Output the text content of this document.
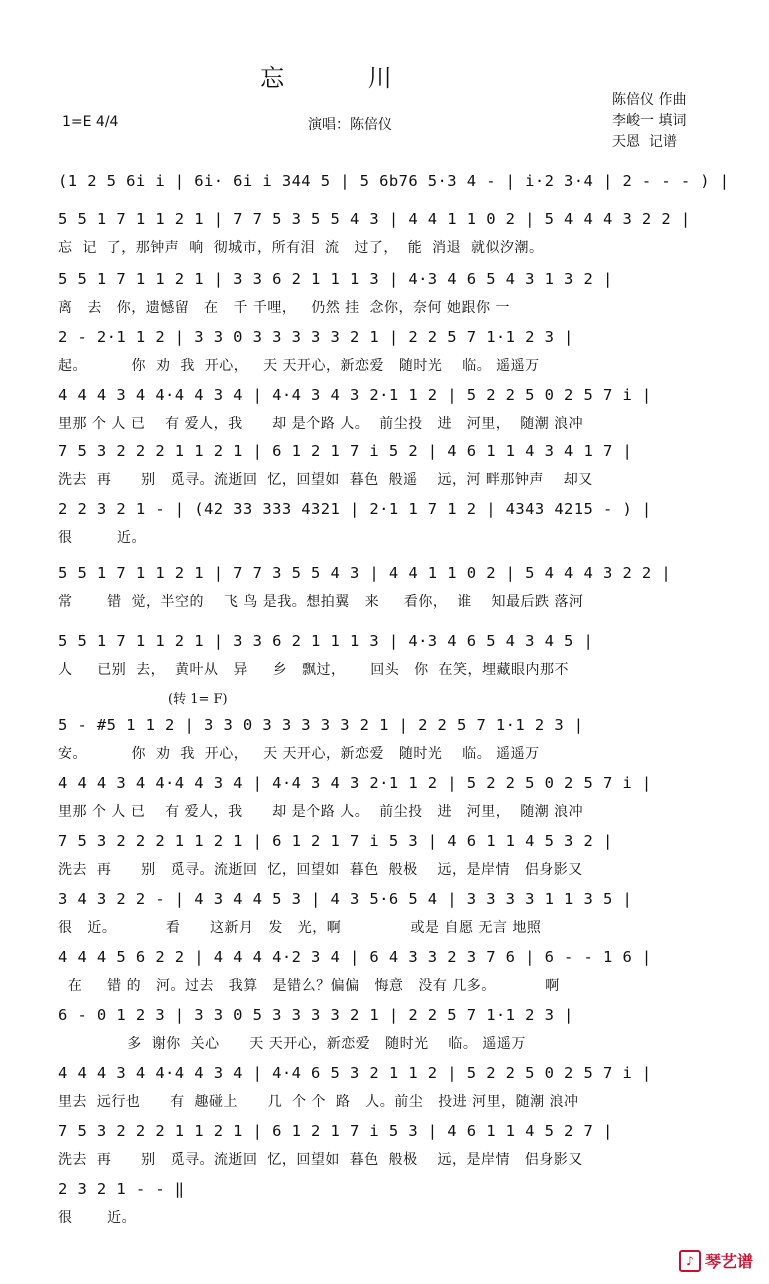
忘 川
1=E 4/4	演唱：陈倍仪
陈倍仪 作曲
李峻一 填词
天恩  记谱
(1 2 5 6i i | 6i· 6i i 344 5 | 5 6b76 5·3 4 - | i·2 3·4 | 2 - - - ) |
5 5 1 7 1 1 2 1 | 7 7 5 3 5 5 4 3 | 4 4 1 1 0 2 | 5 4 4 4 3 2 2 |
忘  记  了，那钟声  响  彻城市，所有泪  流   过了，  能  消退  就似汐潮。
5 5 1 7 1 1 2 1 | 3 3 6 2 1 1 1 3 | 4·3 4 6 5 4 3 1 3 2 |
离   去   你，遗憾留   在   千 千哩，   仍然 挂  念你，奈何 她跟你 一
2 - 2·1 1 2 | 3 3 0 3 3 3 3 3 2 1 | 2 2 5 7 1·1 2 3 |
起。         你  劝  我  开心，   天 天开心，新恋爱   随时光    临。 遥遥万
4 4 4 3 4 4·4 4 3 4 | 4·4 3 4 3 2·1 1 2 | 5 2 2 5 0 2 5 7 i |
里那 个 人 已    有 爱人，我      却 是个路 人。  前尘投   进   河里，  随潮 浪冲
7 5 3 2 2 2 1 1 2 1 | 6 1 2 1 7 i 5 2 | 4 6 1 1 4 3 4 1 7 |
洗去  再      别   觅寻。流逝回  忆，回望如  暮色  般遥    远，河 畔那钟声    却又
2 2 3 2 1 - | (42 33 333 4321 | 2·1 1 7 1 2 | 4343 4215 - ) |
很         近。
5 5 1 7 1 1 2 1 | 7 7 3 5 5 4 3 | 4 4 1 1 0 2 | 5 4 4 4 3 2 2 |
常       错  觉，半空的    飞 鸟 是我。想拍翼   来     看你，  谁    知最后跌 落河
5 5 1 7 1 1 2 1 | 3 3 6 2 1 1 1 3 | 4·3 4 6 5 4 3 4 5 |
人     已别  去，  黄叶从   异     乡   飘过，     回头   你  在笑，埋藏眼内那不
5 - #5 1 1 2 | 3 3 0 3 3 3 3 3 2 1 | 2 2 5 7 1·1 2 3 |
安。         你  劝  我  开心，   天 天开心，新恋爱   随时光    临。 遥遥万
4 4 4 3 4 4·4 4 3 4 | 4·4 3 4 3 2·1 1 2 | 5 2 2 5 0 2 5 7 i |
里那 个 人 已    有 爱人，我      却 是个路 人。  前尘投   进   河里，  随潮 浪冲
7 5 3 2 2 2 1 1 2 1 | 6 1 2 1 7 i 5 3 | 4 6 1 1 4 5 3 2 |
洗去  再      别   觅寻。流逝回  忆，回望如  暮色  般极    远，是岸情   侣身影又
3 4 3 2 2 - | 4 3 4 4 5 3 | 4 3 5·6 5 4 | 3 3 3 3 1 1 3 5 |
很   近。          看      这新月   发   光，啊              或是 自愿 无言 地照
4 4 4 5 6 2 2 | 4 4 4 4·2 3 4 | 6 4 3 3 2 3 7 6 | 6 - - 1 6 |
在     错 的   河。过去   我算   是错么？偏偏   悔意   没有 几多。          啊
6 - 0 1 2 3 | 3 3 0 5 3 3 3 3 2 1 | 2 2 5 7 1·1 2 3 |
多  谢你  关心      天 天开心，新恋爱   随时光    临。 遥遥万
4 4 4 3 4 4·4 4 3 4 | 4·4 6 5 3 2 1 1 2 | 5 2 2 5 0 2 5 7 i |
里去  远行也      有  趣碰上      几  个 个  路   人。前尘   投进 河里，随潮 浪冲
7 5 3 2 2 2 1 1 2 1 | 6 1 2 1 7 i 5 3 | 4 6 1 1 4 5 2 7 |
洗去  再      别   觅寻。流逝回  忆，回望如  暮色  般极    远，是岸情   侣身影又
2 3 2 1 - - ‖
很       近。
(转 1= F)
♪ 琴艺谱
